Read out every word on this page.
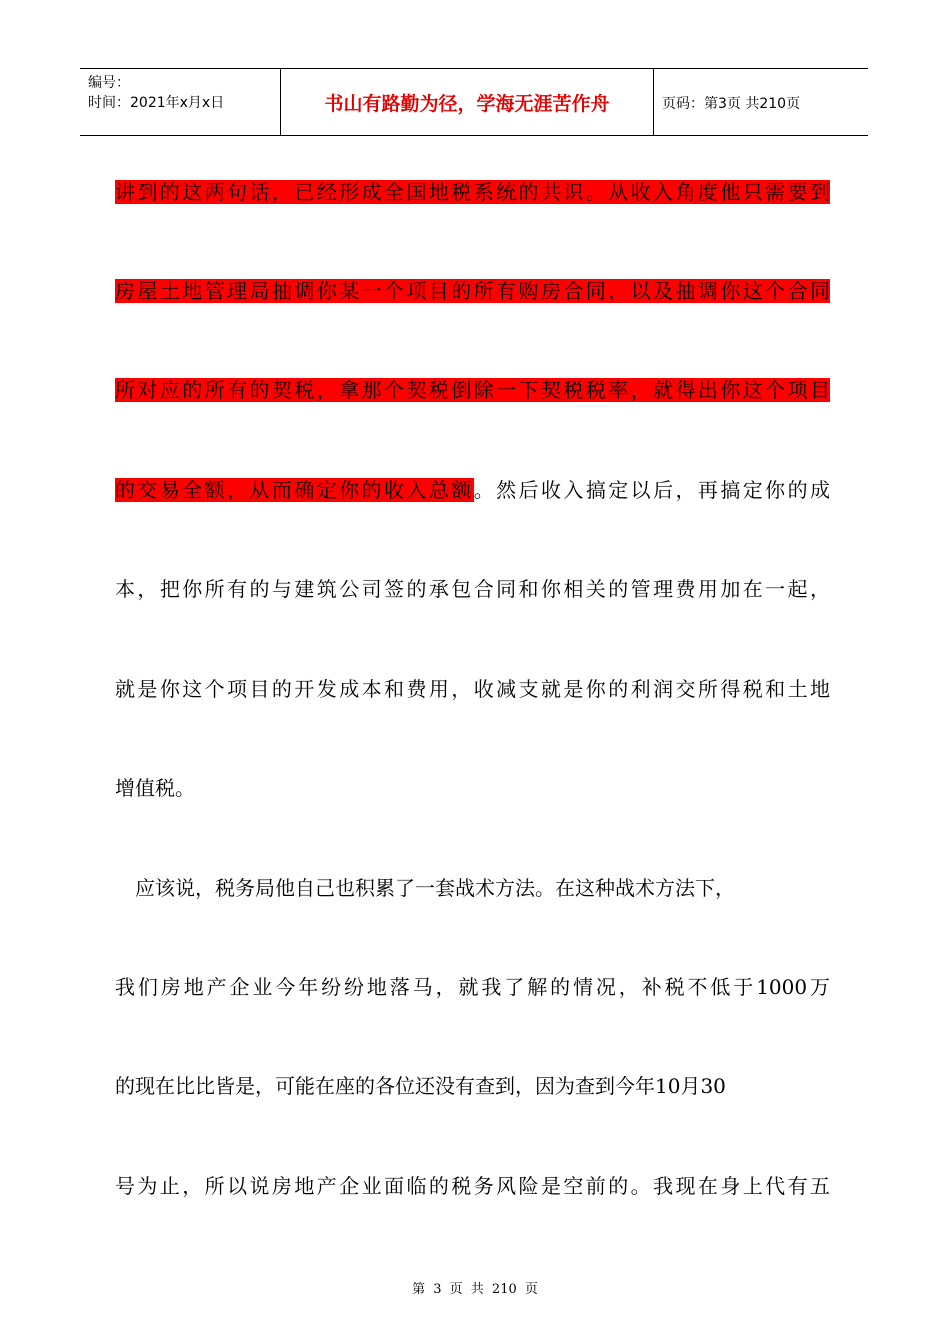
编号：
时间：2021年x月x日	书山有路勤为径，学海无涯苦作舟	页码：第3页 共210页
讲到的这两句话，已经形成全国地税系统的共识。从收入角度他只需要到
房屋土地管理局抽调你某一个项目的所有购房合同，以及抽调你这个合同
所对应的所有的契税，拿那个契税倒除一下契税税率，就得出你这个项目
的交易全额，从而确定你的收入总额。然后收入搞定以后，再搞定你的成
本，把你所有的与建筑公司签的承包合同和你相关的管理费用加在一起，
就是你这个项目的开发成本和费用，收减支就是你的利润交所得税和土地
增值税。
　应该说，税务局他自己也积累了一套战术方法。在这种战术方法下，
我们房地产企业今年纷纷地落马，就我了解的情况，补税不低于1000万
的现在比比皆是，可能在座的各位还没有查到，因为查到今年10月30
号为止，所以说房地产企业面临的税务风险是空前的。我现在身上代有五
第 3 页 共 210 页
